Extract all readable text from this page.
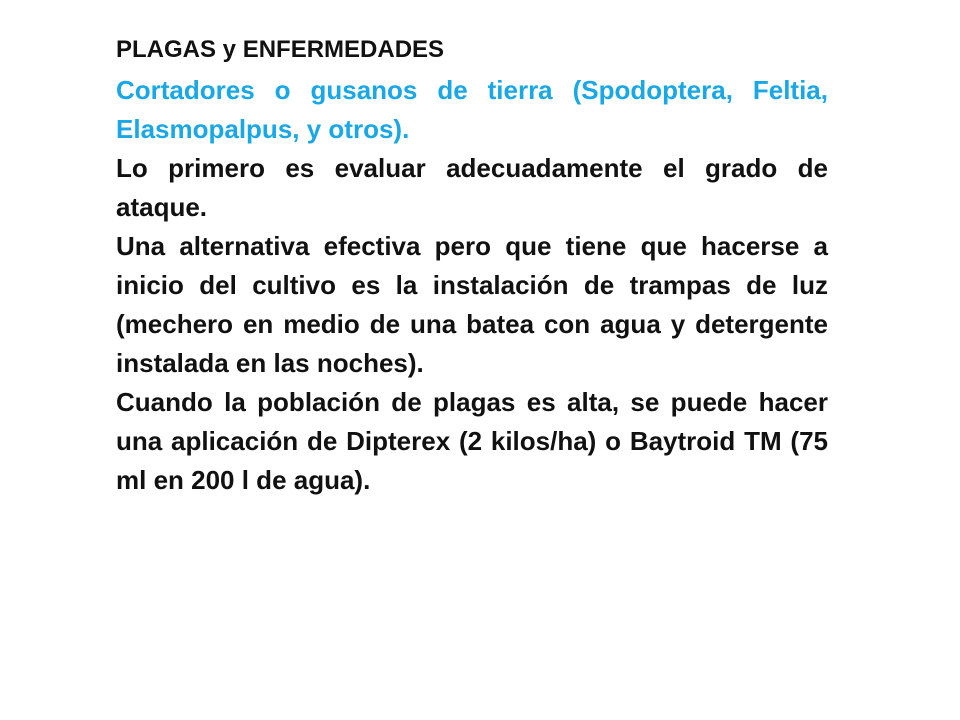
PLAGAS y ENFERMEDADES

Cortadores o gusanos de tierra (Spodoptera, Feltia, Elasmopalpus, y otros).

Lo primero es evaluar adecuadamente el grado de ataque.

Una alternativa efectiva pero que tiene que hacerse a inicio del cultivo es la instalación de trampas de luz (mechero en medio de una batea con agua y detergente instalada en las noches).

Cuando la población de plagas es alta, se puede hacer una aplicación de Dipterex (2 kilos/ha) o Baytroid TM (75 ml en 200 l de agua).
